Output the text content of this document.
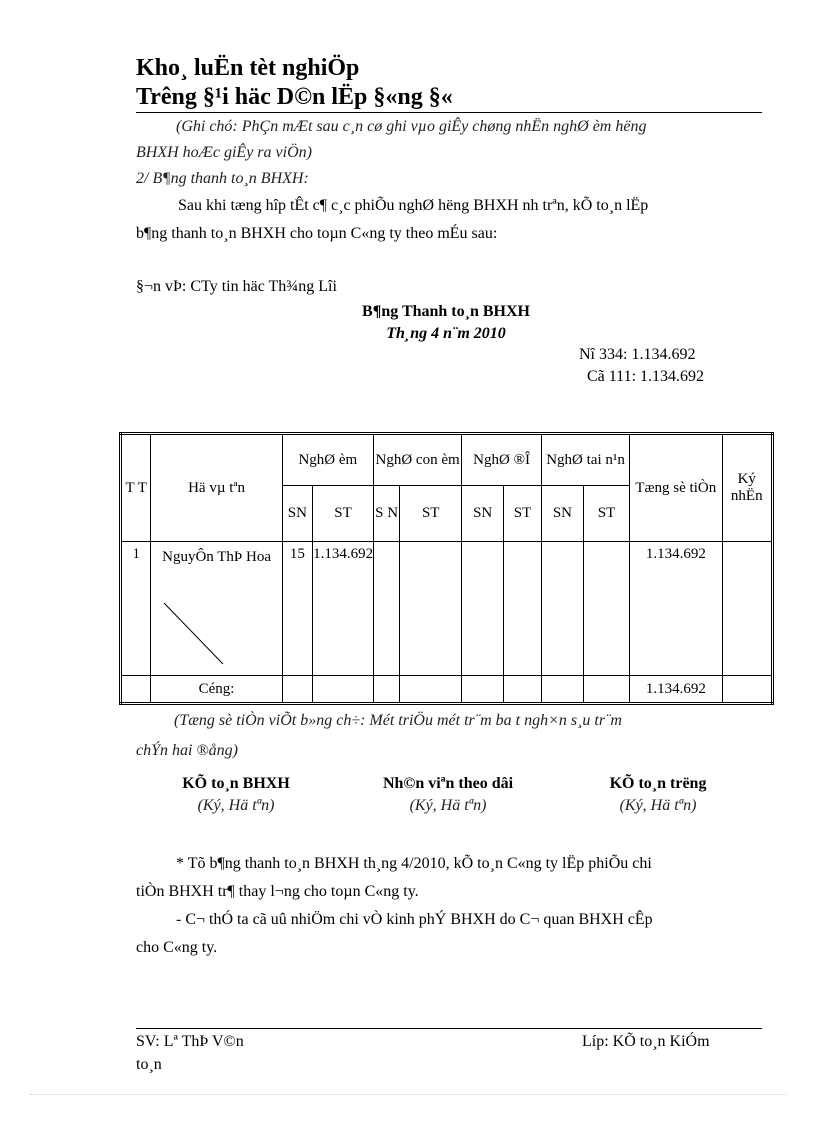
Kho¸ luËn tèt nghiÖp
Trêng §¹i häc D©n lËp §«ng §«
(Ghi chó: PhÇn mÆt sau c¸n cø ghi vµo giÊy chøng nhËn nghØ èm hëng
BHXH hoÆc giÊy ra viÖn)
2/ B¶ng thanh to¸n BHXH:
Sau khi tæng hîp tÊt c¶ c¸c phiÕu nghØ hëng BHXH nh trªn, kÕ to¸n lËp
b¶ng thanh to¸n BHXH cho toµn C«ng ty theo mÉu sau:
§¬n vÞ: CTy tin häc Th¾ng Lîi
B¶ng Thanh to¸n BHXH
Th¸ng 4 n¨m 2010
Nî 334: 1.134.692
Cã 111: 1.134.692
T T	Hä vµ tªn	NghØ èm		NghØ con èm		NghØ ®Î		NghØ tai n¹n		Tæng sè tiÒn	Ký nhËn
		SN	ST	S N	ST	SN	ST	SN	ST		
1	NguyÔn ThÞ Hoa	15	1.134.692							1.134.692	
	Céng:									1.134.692	
(Tæng sè tiÒn viÕt b»ng ch÷: Mét triÖu mét tr¨m ba t ngh×n s¸u tr¨m
chÝn hai ®ång)
KÕ to¸n BHXH
(Ký, Hä tªn)
Nh©n viªn theo dâi
(Ký, Hä tªn)
KÕ to¸n trëng
(Ký, Hä tªn)
* Tõ b¶ng thanh to¸n BHXH th¸ng 4/2010, kÕ to¸n C«ng ty lËp phiÕu chi
tiÒn BHXH tr¶ thay l¬ng cho toµn C«ng ty.
- C¬ thÓ ta cã uû nhiÖm chi vÒ kinh phÝ BHXH do C¬ quan BHXH cÊp
cho C«ng ty.
SV: Lª ThÞ V©n
to¸n
Líp: KÕ to¸n KiÓm
